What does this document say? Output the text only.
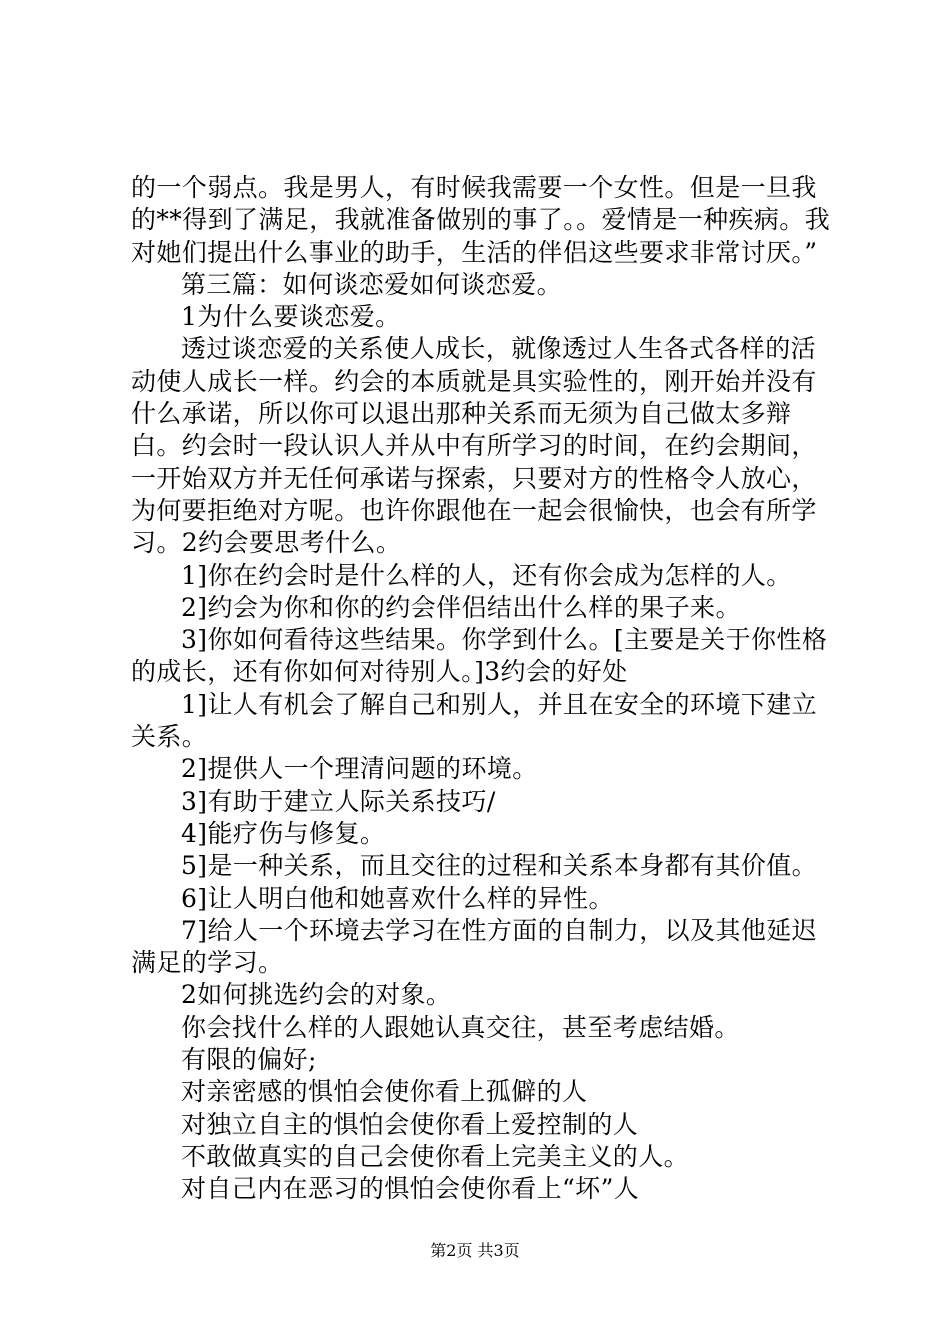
的一个弱点。我是男人，有时候我需要一个女性。但是一旦我的**得到了满足，我就准备做别的事了。。爱情是一种疾病。我对她们提出什么事业的助手，生活的伴侣这些要求非常讨厌。”

第三篇：如何谈恋爱如何谈恋爱。

1为什么要谈恋爱。

透过谈恋爱的关系使人成长，就像透过人生各式各样的活动使人成长一样。约会的本质就是具实验性的，刚开始并没有什么承诺，所以你可以退出那种关系而无须为自己做太多辩白。约会时一段认识人并从中有所学习的时间，在约会期间，一开始双方并无任何承诺与探索，只要对方的性格令人放心，为何要拒绝对方呢。也许你跟他在一起会很愉快，也会有所学习。2约会要思考什么。

1]你在约会时是什么样的人，还有你会成为怎样的人。

2]约会为你和你的约会伴侣结出什么样的果子来。

3]你如何看待这些结果。你学到什么。[主要是关于你性格的成长，还有你如何对待别人。]3约会的好处

1]让人有机会了解自己和别人，并且在安全的环境下建立关系。

2]提供人一个理清问题的环境。

3]有助于建立人际关系技巧/

4]能疗伤与修复。

5]是一种关系，而且交往的过程和关系本身都有其价值。

6]让人明白他和她喜欢什么样的异性。

7]给人一个环境去学习在性方面的自制力，以及其他延迟满足的学习。

2如何挑选约会的对象。

你会找什么样的人跟她认真交往，甚至考虑结婚。

有限的偏好;

对亲密感的惧怕会使你看上孤僻的人

对独立自主的惧怕会使你看上爱控制的人

不敢做真实的自己会使你看上完美主义的人。

对自己内在恶习的惧怕会使你看上“坏”人

第2页 共3页
